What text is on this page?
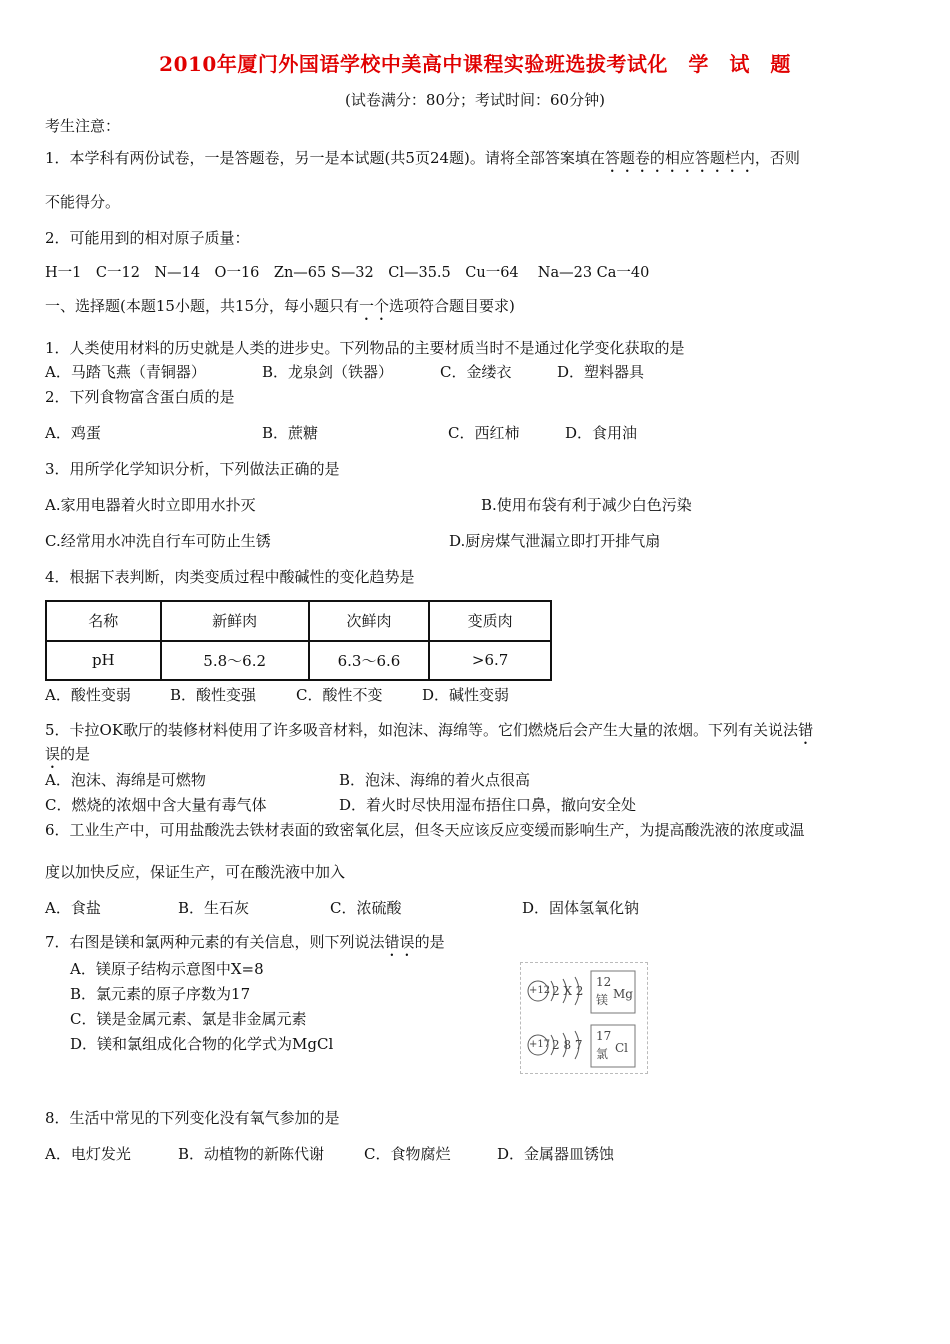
2010年厦门外国语学校中美高中课程实验班选拔考试化　学　试　题
(试卷满分：80分；考试时间：60分钟)
考生注意：
1．本学科有两份试卷，一是答题卷，另一是本试题(共5页24题)。请将全部答案填在答题卷的相应答题栏内，否则
不能得分。
2．可能用到的相对原子质量：
H一1　C一12　N—14　O一16　Zn—65 S—32　Cl—35.5　Cu一64　 Na—23 Ca一40
一、选择题(本题15小题，共15分，每小题只有一个选项符合题目要求)
1．人类使用材料的历史就是人类的进步史。下列物品的主要材质当时不是通过化学变化获取的是
A．马踏飞燕（青铜器）	B．龙泉剑（铁器）	C．金缕衣	D．塑料器具
2．下列食物富含蛋白质的是
A．鸡蛋	B．蔗糖	C．西红柿	D．食用油
3．用所学化学知识分析，下列做法正确的是
A.家用电器着火时立即用水扑灭	B.使用布袋有利于减少白色污染
C.经常用水冲洗自行车可防止生锈	D.厨房煤气泄漏立即打开排气扇
4．根据下表判断，肉类变质过程中酸碱性的变化趋势是
名称	新鲜肉	次鲜肉	变质肉
pH	5.8～6.2	6.3～6.6	>6.7
A．酸性变弱	B．酸性变强	C．酸性不变	D．碱性变弱
5．卡拉OK歌厅的装修材料使用了许多吸音材料，如泡沫、海绵等。它们燃烧后会产生大量的浓烟。下列有关说法错
误的是
A．泡沫、海绵是可燃物	B．泡沫、海绵的着火点很高
C．燃烧的浓烟中含大量有毒气体	D．着火时尽快用湿布捂住口鼻，撤向安全处
6．工业生产中，可用盐酸洗去铁材表面的致密氧化层，但冬天应该反应变缓而影响生产，为提高酸洗液的浓度或温
度以加快反应，保证生产，可在酸洗液中加入
A．食盐	B．生石灰	C．浓硫酸	D．固体氢氧化钠
7．右图是镁和氯两种元素的有关信息，则下列说法错误的是
A．镁原子结构示意图中X=8
B．氯元素的原子序数为17
C．镁是金属元素、氯是非金属元素
D．镁和氯组成化合物的化学式为MgCl
+12 2 X 2
12
镁 Mg
+17 2 8 7
17
氯 Cl
8．生活中常见的下列变化没有氧气参加的是
A．电灯发光	B．动植物的新陈代谢	C．食物腐烂	D．金属器皿锈蚀
